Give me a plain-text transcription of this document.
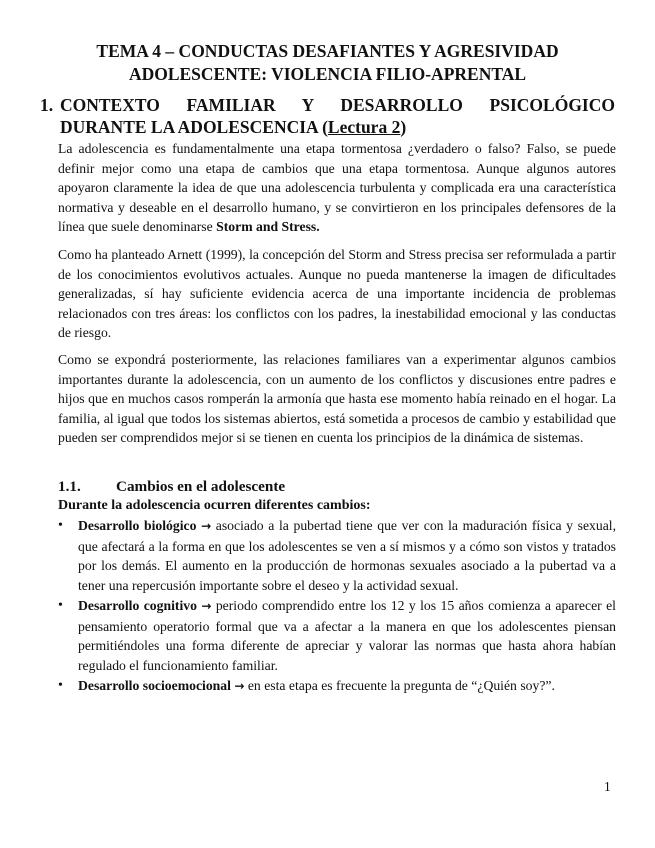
TEMA 4 – CONDUCTAS DESAFIANTES Y AGRESIVIDAD
ADOLESCENTE: VIOLENCIA FILIO-APRENTAL
1. CONTEXTO FAMILIAR Y DESARROLLO PSICOLÓGICO
DURANTE LA ADOLESCENCIA (Lectura 2)
La adolescencia es fundamentalmente una etapa tormentosa ¿verdadero o falso? Falso, se puede definir mejor como una etapa de cambios que una etapa tormentosa. Aunque algunos autores apoyaron claramente la idea de que una adolescencia turbulenta y complicada era una característica normativa y deseable en el desarrollo humano, y se convirtieron en los principales defensores de la línea que suele denominarse Storm and Stress.
Como ha planteado Arnett (1999), la concepción del Storm and Stress precisa ser reformulada a partir de los conocimientos evolutivos actuales. Aunque no pueda mantenerse la imagen de dificultades generalizadas, sí hay suficiente evidencia acerca de una importante incidencia de problemas relacionados con tres áreas: los conflictos con los padres, la inestabilidad emocional y las conductas de riesgo.
Como se expondrá posteriormente, las relaciones familiares van a experimentar algunos cambios importantes durante la adolescencia, con un aumento de los conflictos y discusiones entre padres e hijos que en muchos casos romperán la armonía que hasta ese momento había reinado en el hogar. La familia, al igual que todos los sistemas abiertos, está sometida a procesos de cambio y estabilidad que pueden ser comprendidos mejor si se tienen en cuenta los principios de la dinámica de sistemas.
1.1. Cambios en el adolescente
Durante la adolescencia ocurren diferentes cambios:
• Desarrollo biológico → asociado a la pubertad tiene que ver con la maduración física y sexual, que afectará a la forma en que los adolescentes se ven a sí mismos y a cómo son vistos y tratados por los demás. El aumento en la producción de hormonas sexuales asociado a la pubertad va a tener una repercusión importante sobre el deseo y la actividad sexual.
• Desarrollo cognitivo → periodo comprendido entre los 12 y los 15 años comienza a aparecer el pensamiento operatorio formal que va a afectar a la manera en que los adolescentes piensan permitiéndoles una forma diferente de apreciar y valorar las normas que hasta ahora habían regulado el funcionamiento familiar.
• Desarrollo socioemocional → en esta etapa es frecuente la pregunta de “¿Quién soy?”.
1
